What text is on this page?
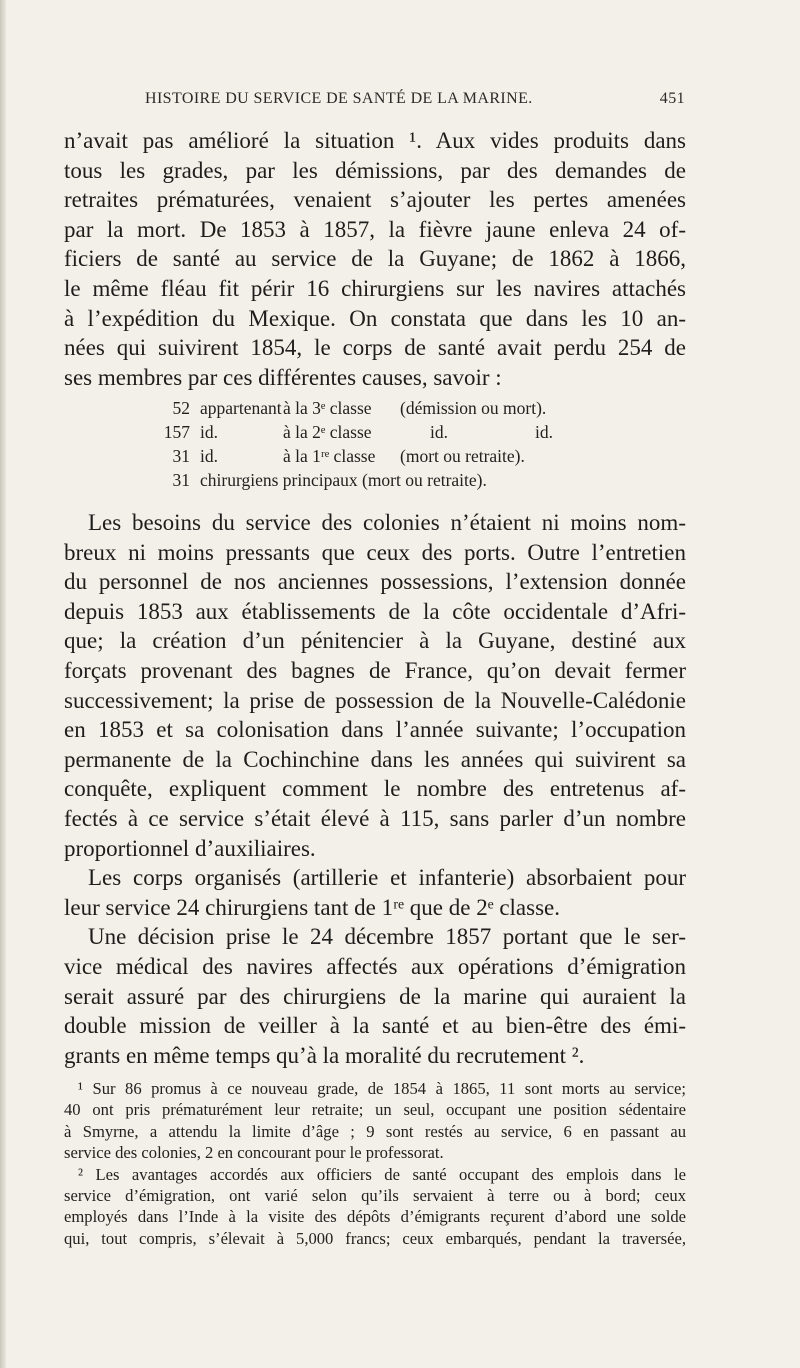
HISTOIRE DU SERVICE DE SANTÉ DE LA MARINE.	451
n’avait pas amélioré la situation ¹. Aux vides produits dans
tous les grades, par les démissions, par des demandes de
retraites prématurées, venaient s’ajouter les pertes amenées
par la mort. De 1853 à 1857, la fièvre jaune enleva 24 of-
ficiers de santé au service de la Guyane; de 1862 à 1866,
le même fléau fit périr 16 chirurgiens sur les navires attachés
à l’expédition du Mexique. On constata que dans les 10 an-
nées qui suivirent 1854, le corps de santé avait perdu 254 de
ses membres par ces différentes causes, savoir :
52 appartenant à la 3ᵉ classe (démission ou mort).
157 id.	à la 2ᵉ classe	id.	id.
31 id.	à la 1ʳᵉ classe (mort ou retraite).
31 chirurgiens principaux (mort ou retraite).
Les besoins du service des colonies n’étaient ni moins nom-
breux ni moins pressants que ceux des ports. Outre l’entretien
du personnel de nos anciennes possessions, l’extension donnée
depuis 1853 aux établissements de la côte occidentale d’Afri-
que; la création d’un pénitencier à la Guyane, destiné aux
forçats provenant des bagnes de France, qu’on devait fermer
successivement; la prise de possession de la Nouvelle-Calédonie
en 1853 et sa colonisation dans l’année suivante; l’occupation
permanente de la Cochinchine dans les années qui suivirent sa
conquête, expliquent comment le nombre des entretenus af-
fectés à ce service s’était élevé à 115, sans parler d’un nombre
proportionnel d’auxiliaires.
Les corps organisés (artillerie et infanterie) absorbaient pour
leur service 24 chirurgiens tant de 1ʳᵉ que de 2ᵉ classe.
Une décision prise le 24 décembre 1857 portant que le ser-
vice médical des navires affectés aux opérations d’émigration
serait assuré par des chirurgiens de la marine qui auraient la
double mission de veiller à la santé et au bien-être des émi-
grants en même temps qu’à la moralité du recrutement ².
¹ Sur 86 promus à ce nouveau grade, de 1854 à 1865, 11 sont morts au service;
40 ont pris prématurément leur retraite; un seul, occupant une position sédentaire
à Smyrne, a attendu la limite d’âge ; 9 sont restés au service, 6 en passant au
service des colonies, 2 en concourant pour le professorat.
² Les avantages accordés aux officiers de santé occupant des emplois dans le
service d’émigration, ont varié selon qu’ils servaient à terre ou à bord; ceux
employés dans l’Inde à la visite des dépôts d’émigrants reçurent d’abord une solde
qui, tout compris, s’élevait à 5,000 francs; ceux embarqués, pendant la traversée,
